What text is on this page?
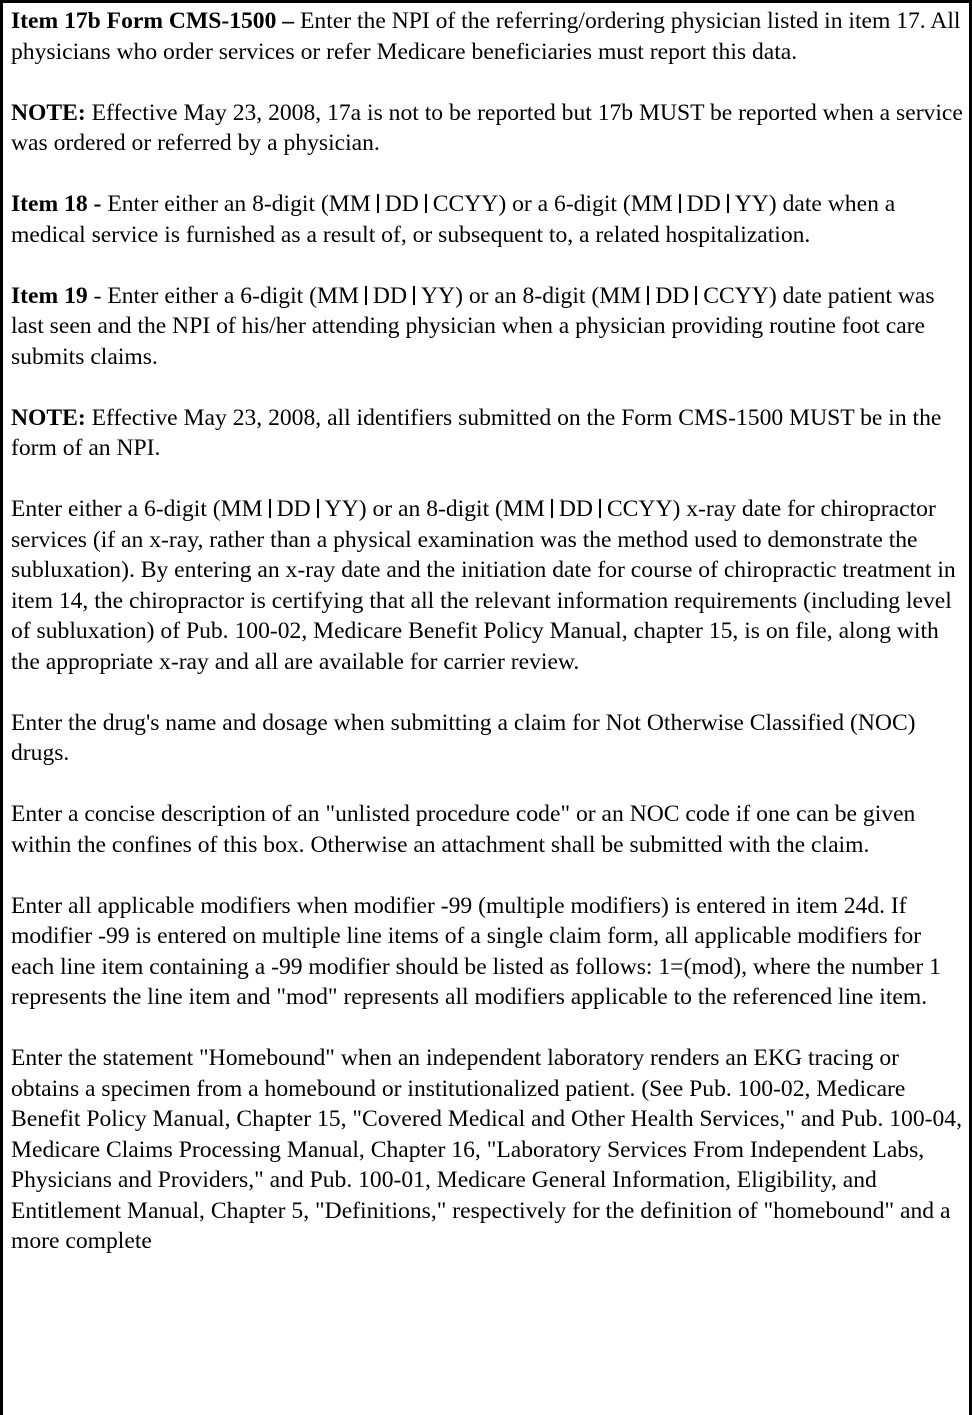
Item 17b Form CMS-1500 – Enter the NPI of the referring/ordering physician listed in item 17. All physicians who order services or refer Medicare beneficiaries must report this data.

NOTE: Effective May 23, 2008, 17a is not to be reported but 17b MUST be reported when a service was ordered or referred by a physician.

Item 18 - Enter either an 8-digit (MM DD CCYY) or a 6-digit (MM DD YY) date when a medical service is furnished as a result of, or subsequent to, a related hospitalization.

Item 19 - Enter either a 6-digit (MM DD YY) or an 8-digit (MM DD CCYY) date patient was last seen and the NPI of his/her attending physician when a physician providing routine foot care submits claims.

NOTE: Effective May 23, 2008, all identifiers submitted on the Form CMS-1500 MUST be in the form of an NPI.

Enter either a 6-digit (MM DD YY) or an 8-digit (MM DD CCYY) x-ray date for chiropractor services (if an x-ray, rather than a physical examination was the method used to demonstrate the subluxation). By entering an x-ray date and the initiation date for course of chiropractic treatment in item 14, the chiropractor is certifying that all the relevant information requirements (including level of subluxation) of Pub. 100-02, Medicare Benefit Policy Manual, chapter 15, is on file, along with the appropriate x-ray and all are available for carrier review.

Enter the drug's name and dosage when submitting a claim for Not Otherwise Classified (NOC) drugs.

Enter a concise description of an "unlisted procedure code" or an NOC code if one can be given within the confines of this box. Otherwise an attachment shall be submitted with the claim.

Enter all applicable modifiers when modifier -99 (multiple modifiers) is entered in item 24d. If modifier -99 is entered on multiple line items of a single claim form, all applicable modifiers for each line item containing a -99 modifier should be listed as follows: 1=(mod), where the number 1 represents the line item and "mod" represents all modifiers applicable to the referenced line item.

Enter the statement "Homebound" when an independent laboratory renders an EKG tracing or obtains a specimen from a homebound or institutionalized patient. (See Pub. 100-02, Medicare Benefit Policy Manual, Chapter 15, "Covered Medical and Other Health Services," and Pub. 100-04, Medicare Claims Processing Manual, Chapter 16, "Laboratory Services From Independent Labs, Physicians and Providers," and Pub. 100-01, Medicare General Information, Eligibility, and Entitlement Manual, Chapter 5, "Definitions," respectively for the definition of "homebound" and a more complete
